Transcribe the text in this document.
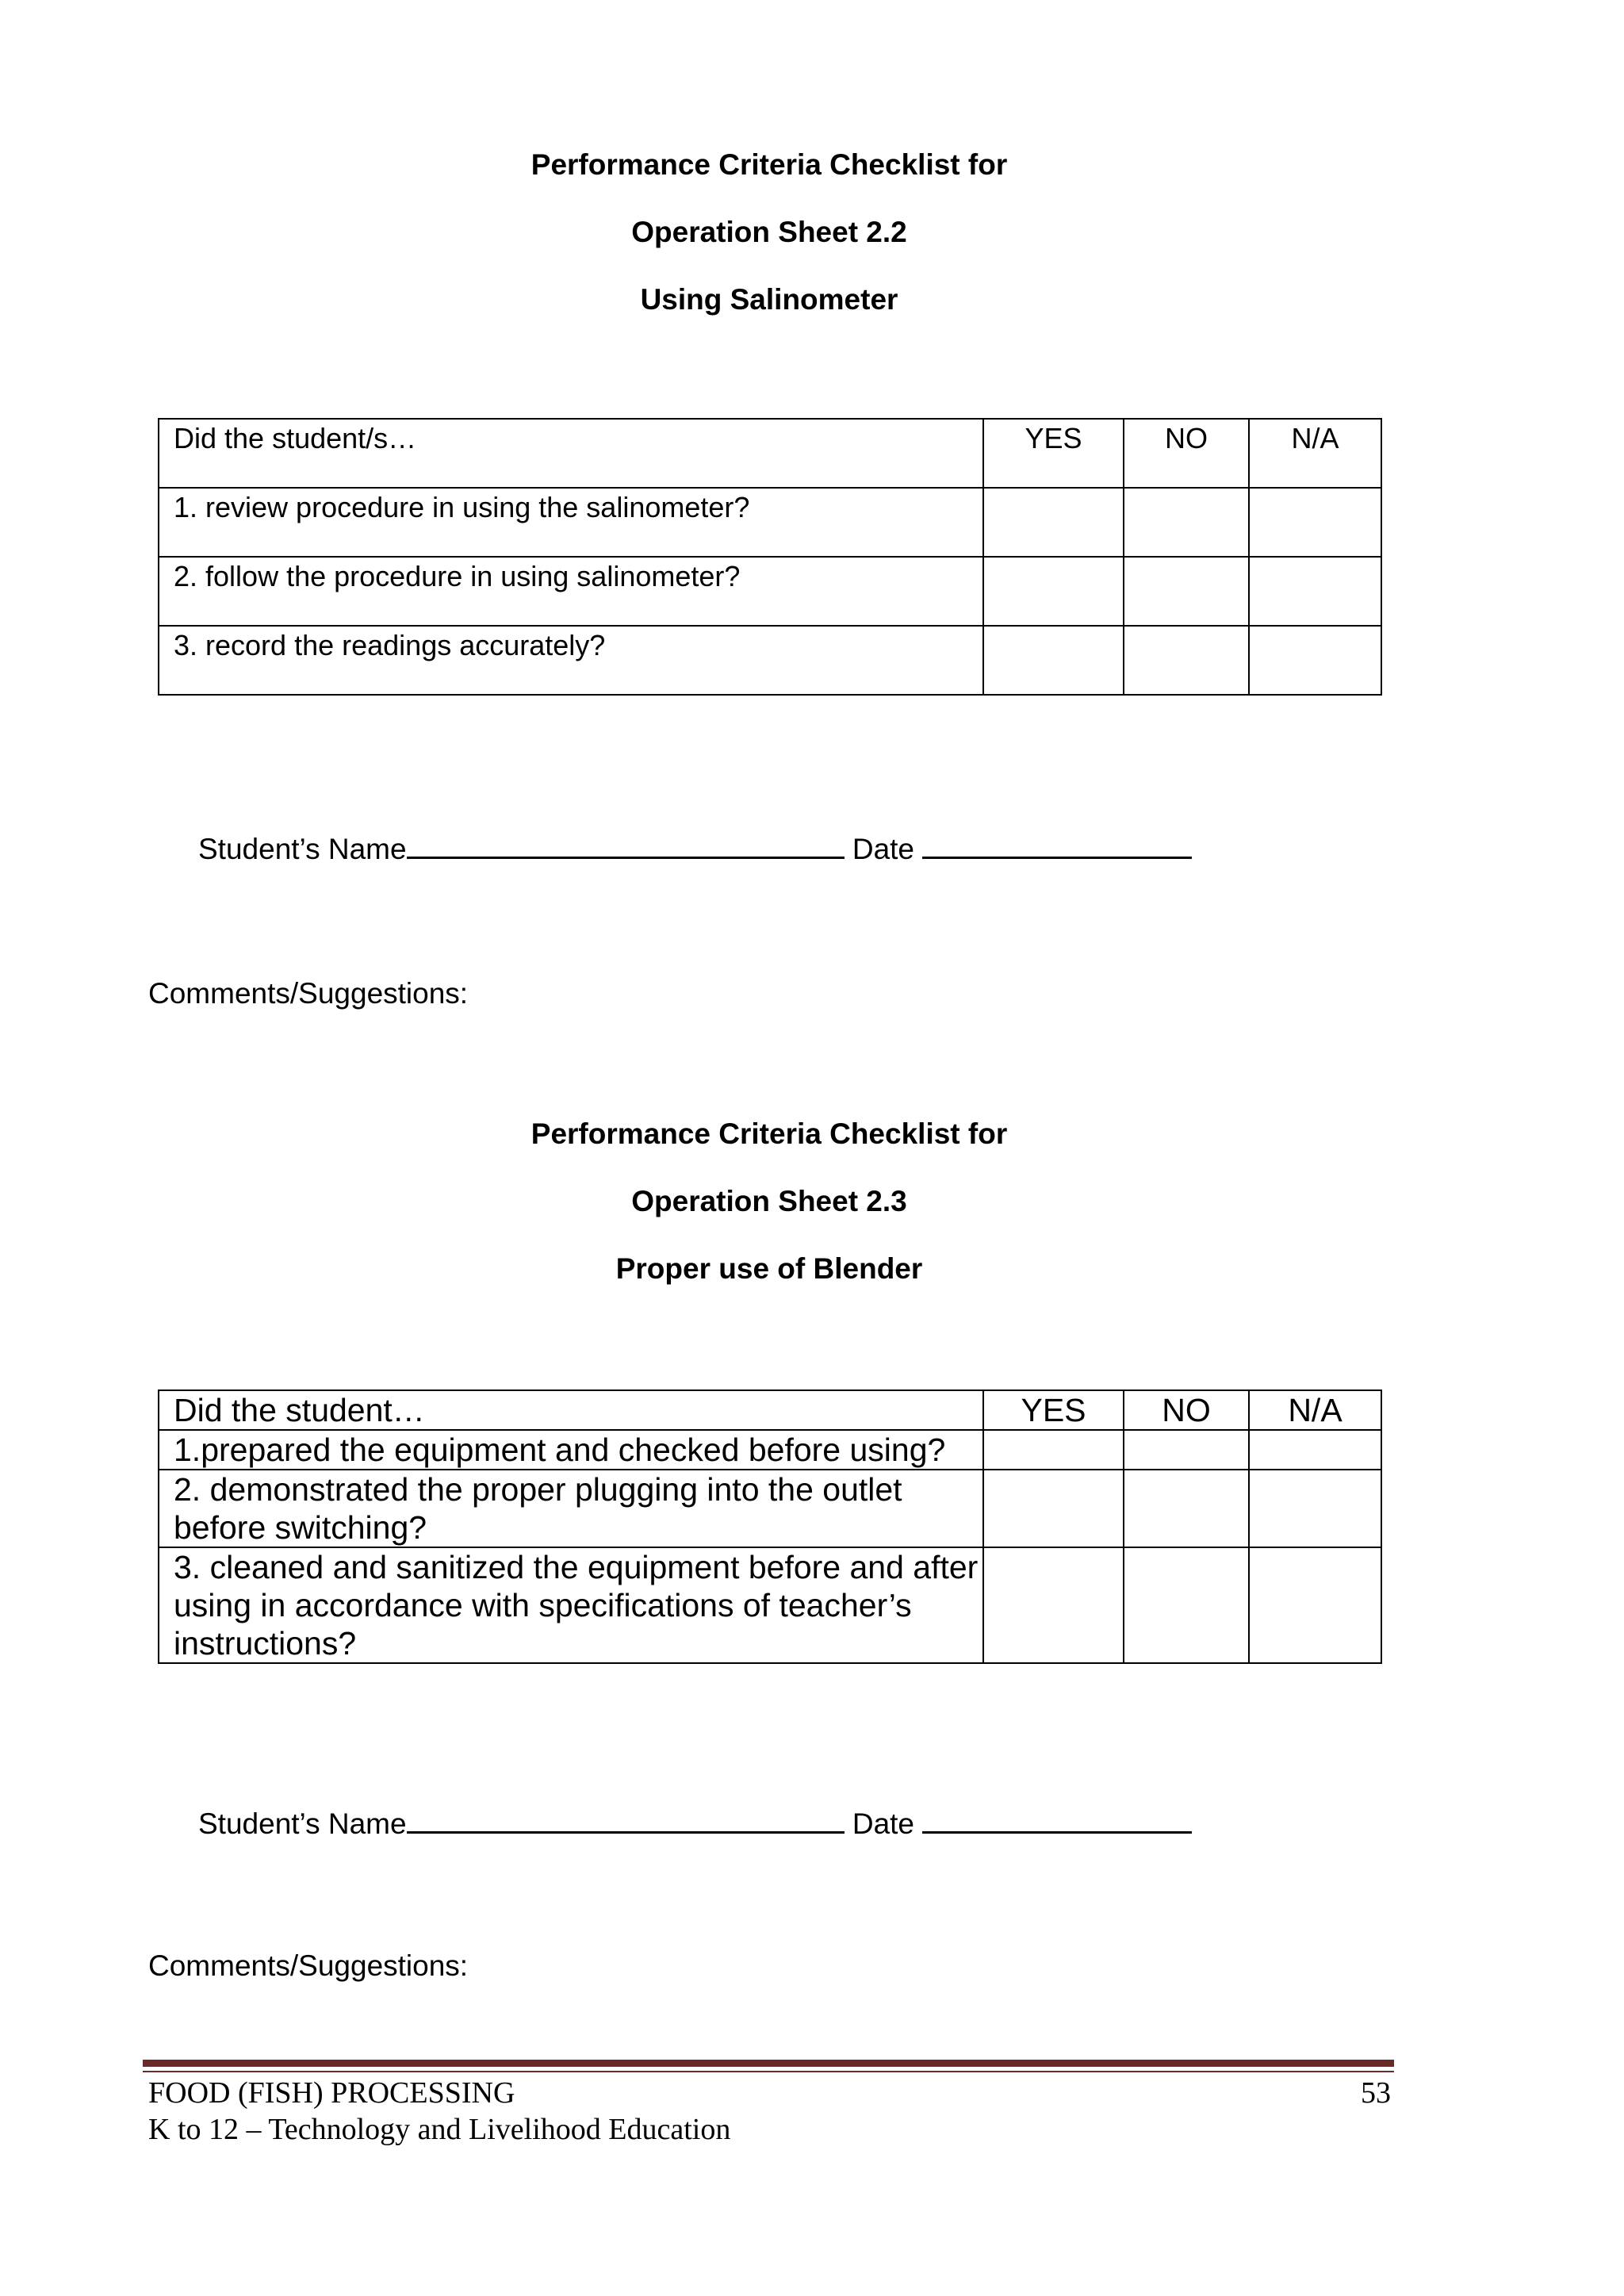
Performance Criteria Checklist for

Operation Sheet 2.2

Using Salinometer

Did the student/s…	YES	NO	N/A
1. review procedure in using the salinometer?			
2. follow the procedure in using salinometer?			
3. record the readings accurately?			
Student’s Name	Date

Comments/Suggestions:

Performance Criteria Checklist for

Operation Sheet 2.3

Proper use of Blender

Did the student…	YES	NO	N/A
1.prepared the equipment and checked before using?			
2. demonstrated the proper plugging into the outlet before switching?			
3. cleaned and sanitized the equipment before and after using in accordance with specifications of teacher’s instructions?			
Student’s Name	Date

Comments/Suggestions:

FOOD (FISH) PROCESSING
K to 12 – Technology and Livelihood Education
53
